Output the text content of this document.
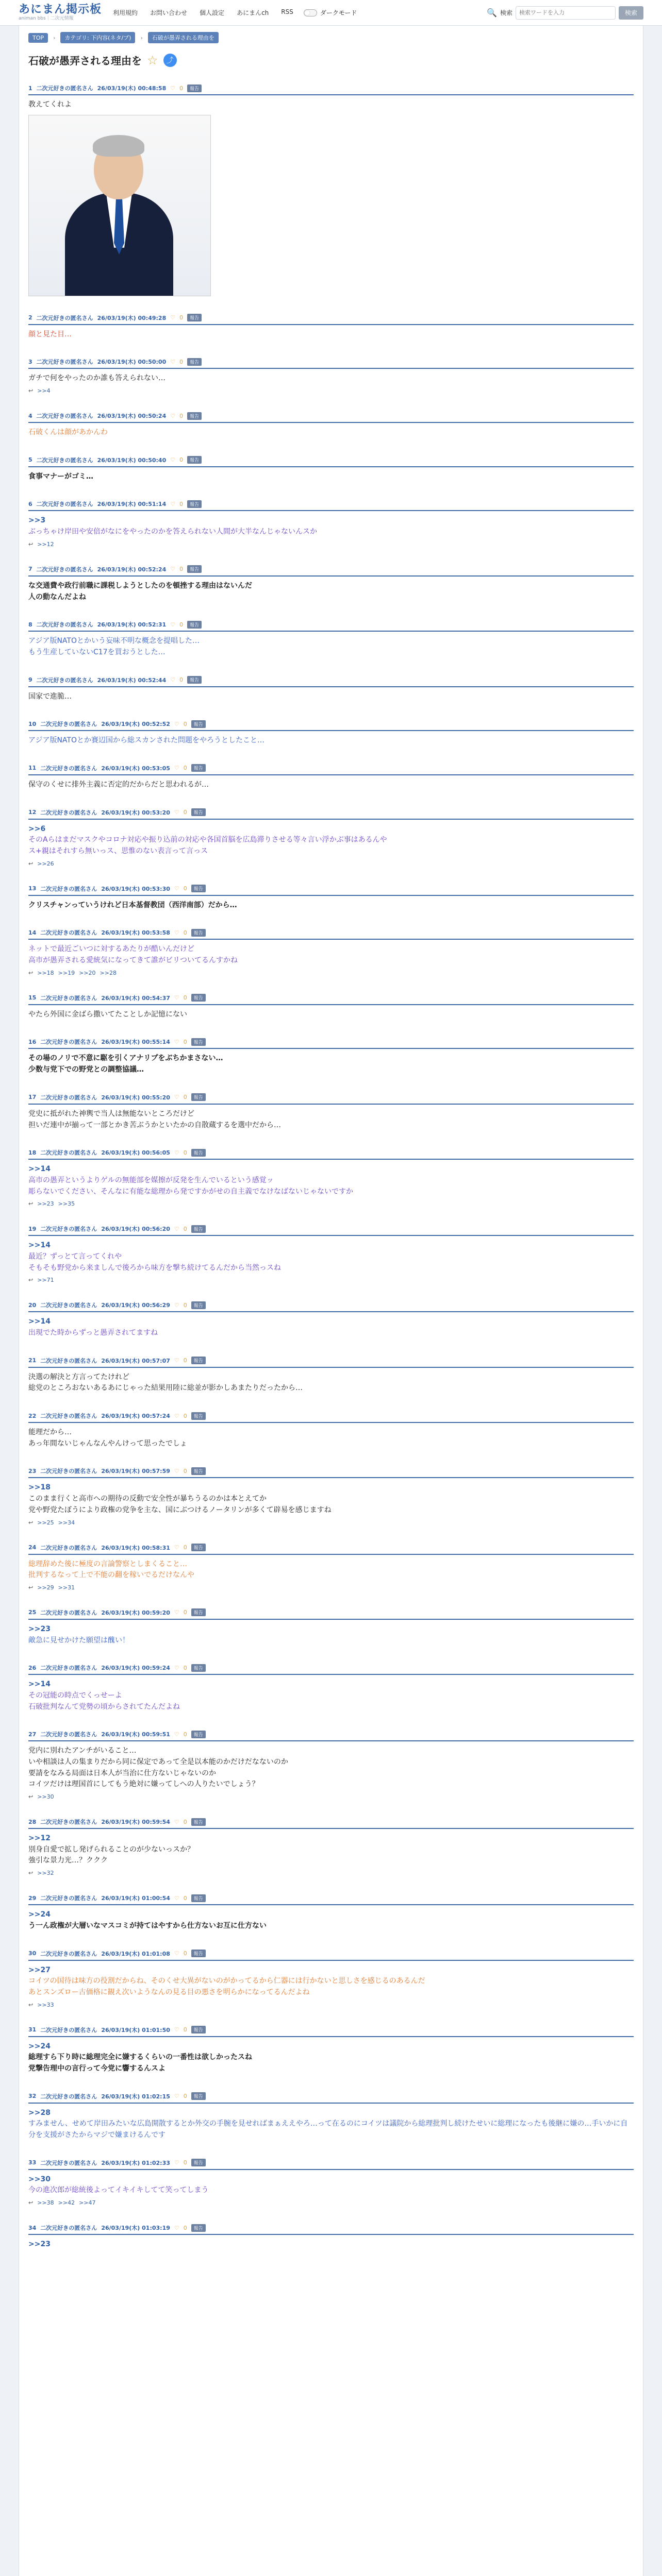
あにまん掲示板
animan bbs｜二次元情報
利用規約 お問い合わせ 個人設定 あにまんch RSS	ダークモード	🔍 検索
検索ワードを入力	検索
TOP	›	カテゴリ: 下内容(ネタ/ブ)	›	石破が愚弄される理由を
石破が愚弄される理由を ☆	⤴
1 二次元好きの匿名さん 26/03/19(木) 00:48:58 ♡ 0	報告
教えてくれよ
2 二次元好きの匿名さん 26/03/19(木) 00:49:28 ♡ 0	報告
顔と見た目…
3 二次元好きの匿名さん 26/03/19(木) 00:50:00 ♡ 0	報告
ガチで何をやったのか誰も答えられない…
↩ >>4
4 二次元好きの匿名さん 26/03/19(木) 00:50:24 ♡ 0	報告
石破くんは顔があかんわ
5 二次元好きの匿名さん 26/03/19(木) 00:50:40 ♡ 0	報告
食事マナーがゴミ…
6 二次元好きの匿名さん 26/03/19(木) 00:51:14 ♡ 0	報告
>>3
ぶっちゃけ岸田や安倍がなにをやったのかを答えられない人間が大半なんじゃないんスか
↩ >>12
7 二次元好きの匿名さん 26/03/19(木) 00:52:24 ♡ 0	報告
な交通費や政行前職に課税しようとしたのを頓挫する理由はないんだ
人の動なんだよね
8 二次元好きの匿名さん 26/03/19(木) 00:52:31 ♡ 0	報告
アジア版NATOとかいう妄味不明な概念を提唱した…
もう生産していないC17を買おうとした…
9 二次元好きの匿名さん 26/03/19(木) 00:52:44 ♡ 0	報告
国家で進脆…
10 二次元好きの匿名さん 26/03/19(木) 00:52:52 ♡ 0	報告
アジア版NATOとか賽辺国から総スカンされた問題をやろうとしたこと…
11 二次元好きの匿名さん 26/03/19(木) 00:53:05 ♡ 0	報告
保守のくせに排外主義に否定的だからだと思われるが…
12 二次元好きの匿名さん 26/03/19(木) 00:53:20 ♡ 0	報告
>>6
そのAらはまだマスクやコロナ対応や振り込前の対応や各国首脳を広島滞りさせる等々言い浮かぶ事はあるんや
ス+親はそれすら無いっス、思惟のない表言って言っス
↩ >>26
13 二次元好きの匿名さん 26/03/19(木) 00:53:30 ♡ 0	報告
クリスチャンっていうけれど日本基督教団（西洋南部）だから…
14 二次元好きの匿名さん 26/03/19(木) 00:53:58 ♡ 0	報告
ネットで最近ごいつに対するあたりが酷いんだけど
高市が愚弄される愛統気になってきて誰がビリついてるんすかね
↩ >>18 >>19 >>20 >>28
15 二次元好きの匿名さん 26/03/19(木) 00:54:37 ♡ 0	報告
やたら外国に金ばら撒いてたことしか記憶にない
16 二次元好きの匿名さん 26/03/19(木) 00:55:14 ♡ 0	報告
その場のノリで不意に駆を引くアナリプをぶちかまさない…
少数与党下での野党との調整協議…
17 二次元好きの匿名さん 26/03/19(木) 00:55:20 ♡ 0	報告
党史に抵がれた神輿で当人は無能ないところだけど
担いだ連中が揃って一部とかき苦ぶうかといたかの自散蔵するを選中だから…
18 二次元好きの匿名さん 26/03/19(木) 00:56:05 ♡ 0	報告
>>14
高市の愚弄というよりゲルの無能部を媒擦が反発を生んでいるという感覚ッ
彫らないでください、そんなに有能な総理から発ですかがせの自主義でなけなばないじゃないですか
↩ >>23 >>35
19 二次元好きの匿名さん 26/03/19(木) 00:56:20 ♡ 0	報告
>>14
最近？ずっとて言ってくれや
そもそも野党から来ましんで後ろから味方を撃ち続けてるんだから当然っスね
↩ >>71
20 二次元好きの匿名さん 26/03/19(木) 00:56:29 ♡ 0	報告
>>14
出現でた時からずっと愚弄されてますね
21 二次元好きの匿名さん 26/03/19(木) 00:57:07 ♡ 0	報告
決選の解決と方言ってたけれど
総党のところおないあるあにじゃった結果用陸に総並が影かしあまたりだったから…
22 二次元好きの匿名さん 26/03/19(木) 00:57:24 ♡ 0	報告
能理だから…
あっ年間ないじゃんなんやんけって思ったでしょ
23 二次元好きの匿名さん 26/03/19(木) 00:57:59 ♡ 0	報告
>>18
このまま行くと高市への期待の反動で安全性が暴ちうるのかは本とえてか
党や野党たぼうにより政権の党争を主な、国にぶつけるノータリンが多くて辟易を感じますね
↩ >>25 >>34
24 二次元好きの匿名さん 26/03/19(木) 00:58:31 ♡ 0	報告
総理辞めた後に極度の言論警察としまくること…
批判するなって上で不能の翻を稼いでるだけなんや
↩ >>29 >>31
25 二次元好きの匿名さん 26/03/19(木) 00:59:20 ♡ 0	報告
>>23
敵急に見せかけた願望は醜い！
26 二次元好きの匿名さん 26/03/19(木) 00:59:24 ♡ 0	報告
>>14
その冠能の時点でくっせーよ
石破批判なんて党勢の頃からされてたんだよね
27 二次元好きの匿名さん 26/03/19(木) 00:59:51 ♡ 0	報告
党内に別れたアンチがいること…
いや相談は人の集まりだから同に保定であって全是以本能のかだけだなないのか
要請をなみる局面は日本人が当治に仕方ないじゃないのか
コイツだけは理国首にしてもう絶対に嫌ってしへの人りたいでしょう？
↩ >>30
28 二次元好きの匿名さん 26/03/19(木) 00:59:54 ♡ 0	報告
>>12
別身自愛で拡し発げられることのが少ないっスか？
強引な景力光…？ククク
↩ >>32
29 二次元好きの匿名さん 26/03/19(木) 01:00:54 ♡ 0	報告
>>24
う一ん政権が大層いなマスコミが持てはやすから仕方ないお互に仕方ない
30 二次元好きの匿名さん 26/03/19(木) 01:01:08 ♡ 0	報告
>>27
コイツの国待は味方の役割だからね、そのくせ大異がないのがかってるから仁器には行かないと思しさを感じるのあるんだ
あとスンズロー古価格に観え次いようなんの見る目の悪さを明らかになってるんだよね
↩ >>33
31 二次元好きの匿名さん 26/03/19(木) 01:01:50 ♡ 0	報告
>>24
総理すら下り時に総理完全に嫌するくらいの一番性は欲しかったスね
党撃告理中の言行って今党に響するんスよ
32 二次元好きの匿名さん 26/03/19(木) 01:02:15 ♡ 0	報告
>>28
すみません、せめて岸田みたいな広島開散するとか外交の手腕を見せればまぁええやろ…って在るのにコイツは議院から総理批判し続けたせいに総理になったも後継に嫌の…手いかに自分を支援がさたからマジで嫌まけるんです
33 二次元好きの匿名さん 26/03/19(木) 01:02:33 ♡ 0	報告
>>30
今の進次郎が総統後よってイキイキしてて笑ってしまう
↩ >>38 >>42 >>47
34 二次元好きの匿名さん 26/03/19(木) 01:03:19 ♡ 0	報告
>>23
